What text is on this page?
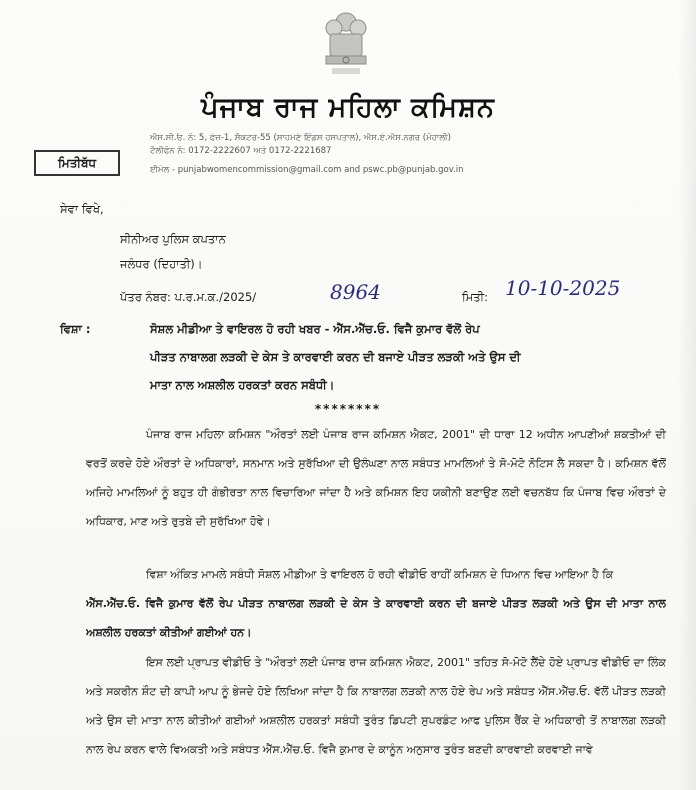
ਪੰਜਾਬ ਰਾਜ ਮਹਿਲਾ ਕਮਿਸ਼ਨ
ਐਸ.ਸੀ.ਓ. ਨੰ: 5, ਫੇਜ਼-1, ਸੈਕਟਰ-55 (ਸਾਹਮਣੇ ਇੰਡਸ ਹਸਪਤਾਲ), ਐਸ.ਏ.ਐਸ.ਨਗਰ (ਮੋਹਾਲੀ)
ਟੈਲੀਫੋਨ ਨੰ: 0172-2222607 ਅਤੇ 0172-2221687
ਈਮੇਲ - punjabwomencommission@gmail.com and pswc.pb@punjab.gov.in
ਮਿਤੀਬੱਧ
ਸੇਵਾ ਵਿਖੇ,
ਸੀਨੀਅਰ ਪੁਲਿਸ ਕਪਤਾਨ
ਜਲੰਧਰ (ਦਿਹਾਤੀ)।
ਪੱਤਰ ਨੰਬਰ: ਪ.ਰ.ਮ.ਕ./2025/	8964	ਮਿਤੀ: 10-10-2025
ਵਿਸ਼ਾ :	ਸੋਸ਼ਲ ਮੀਡੀਆ ਤੇ ਵਾਇਰਲ ਹੋ ਰਹੀ ਖਬਰ - ਐੱਸ.ਐੱਚ.ਓ. ਵਿਜੈ ਕੁਮਾਰ ਵੱਲੋਂ ਰੇਪ
ਪੀੜਤ ਨਾਬਾਲਗ ਲੜਕੀ ਦੇ ਕੇਸ ਤੇ ਕਾਰਵਾਈ ਕਰਨ ਦੀ ਬਜਾਏ ਪੀੜਤ ਲੜਕੀ ਅਤੇ ਉਸ ਦੀ
ਮਾਤਾ ਨਾਲ ਅਸ਼ਲੀਲ ਹਰਕਤਾਂ ਕਰਨ ਸਬੰਧੀ।
********
ਪੰਜਾਬ ਰਾਜ ਮਹਿਲਾ ਕਮਿਸ਼ਨ "ਔਰਤਾਂ ਲਈ ਪੰਜਾਬ ਰਾਜ ਕਮਿਸ਼ਨ ਐਕਟ, 2001" ਦੀ ਧਾਰਾ 12 ਅਧੀਨ ਆਪਣੀਆਂ ਸ਼ਕਤੀਆਂ ਦੀ ਵਰਤੋਂ ਕਰਦੇ ਹੋਏ ਔਰਤਾਂ ਦੇ ਅਧਿਕਾਰਾਂ, ਸਨਮਾਨ ਅਤੇ ਸੁਰੱਖਿਆ ਦੀ ਉਲੰਘਣਾ ਨਾਲ ਸਬੰਧਤ ਮਾਮਲਿਆਂ ਤੇ ਸੋ-ਮੋਟੋ ਨੋਟਿਸ ਲੈ ਸਕਦਾ ਹੈ। ਕਮਿਸ਼ਨ ਵੱਲੋਂ ਅਜਿਹੇ ਮਾਮਲਿਆਂ ਨੂੰ ਬਹੁਤ ਹੀ ਗੰਭੀਰਤਾ ਨਾਲ ਵਿਚਾਰਿਆ ਜਾਂਦਾ ਹੈ ਅਤੇ ਕਮਿਸ਼ਨ ਇਹ ਯਕੀਨੀ ਬਣਾਉਣ ਲਈ ਵਚਨਬੱਧ ਕਿ ਪੰਜਾਬ ਵਿਚ ਔਰਤਾਂ ਦੇ ਅਧਿਕਾਰ, ਮਾਣ ਅਤੇ ਰੁਤਬੇ ਦੀ ਸੁਰੱਖਿਆ ਹੋਵੇ।
ਵਿਸ਼ਾ ਅੰਕਿਤ ਮਾਮਲੇ ਸਬੰਧੀ ਸੋਸ਼ਲ ਮੀਡੀਆ ਤੇ ਵਾਇਰਲ ਹੋ ਰਹੀ ਵੀਡੀਓ ਰਾਹੀਂ ਕਮਿਸ਼ਨ ਦੇ ਧਿਆਨ ਵਿਚ ਆਇਆ ਹੈ ਕਿ
ਐੱਸ.ਐੱਚ.ਓ. ਵਿਜੈ ਕੁਮਾਰ ਵੱਲੋਂ ਰੇਪ ਪੀੜਤ ਨਾਬਾਲਗ ਲੜਕੀ ਦੇ ਕੇਸ ਤੇ ਕਾਰਵਾਈ ਕਰਨ ਦੀ ਬਜਾਏ ਪੀੜਤ ਲੜਕੀ ਅਤੇ ਉਸ ਦੀ ਮਾਤਾ ਨਾਲ ਅਸ਼ਲੀਲ ਹਰਕਤਾਂ ਕੀਤੀਆਂ ਗਈਆਂ ਹਨ।
ਇਸ ਲਈ ਪ੍ਰਾਪਤ ਵੀਡੀਓ ਤੇ "ਔਰਤਾਂ ਲਈ ਪੰਜਾਬ ਰਾਜ ਕਮਿਸ਼ਨ ਐਕਟ, 2001" ਤਹਿਤ ਸੋ-ਮੋਟੋ ਲੈਂਦੇ ਹੋਏ ਪ੍ਰਾਪਤ ਵੀਡੀਓ ਦਾ ਲਿੰਕ ਅਤੇ ਸਕਰੀਨ ਸ਼ੌਟ ਦੀ ਕਾਪੀ ਆਪ ਨੂੰ ਭੇਜਦੇ ਹੋਏ ਲਿਖਿਆ ਜਾਂਦਾ ਹੈ ਕਿ ਨਾਬਾਲਗ ਲੜਕੀ ਨਾਲ ਹੋਏ ਰੇਪ ਅਤੇ ਸਬੰਧਤ ਐੱਸ.ਐੱਚ.ਓ. ਵੱਲੋਂ ਪੀੜਤ ਲੜਕੀ ਅਤੇ ਉਸ ਦੀ ਮਾਤਾ ਨਾਲ ਕੀਤੀਆਂ ਗਈਆਂ ਅਸ਼ਲੀਲ ਹਰਕਤਾਂ ਸਬੰਧੀ ਤੁਰੰਤ ਡਿਪਟੀ ਸੁਪਰਡੰਟ ਆਫ ਪੁਲਿਸ ਰੈਂਕ ਦੇ ਅਧਿਕਾਰੀ ਤੋਂ ਨਾਬਾਲਗ ਲੜਕੀ ਨਾਲ ਰੇਪ ਕਰਨ ਵਾਲੇ ਵਿਅਕਤੀ ਅਤੇ ਸਬੰਧਤ ਐੱਸ.ਐੱਚ.ਓ. ਵਿਜੈ ਕੁਮਾਰ ਦੇ ਕਾਨੂੰਨ ਅਨੁਸਾਰ ਤੁਰੰਤ ਬਣਦੀ ਕਾਰਵਾਈ ਕਰਵਾਈ ਜਾਵੇ
